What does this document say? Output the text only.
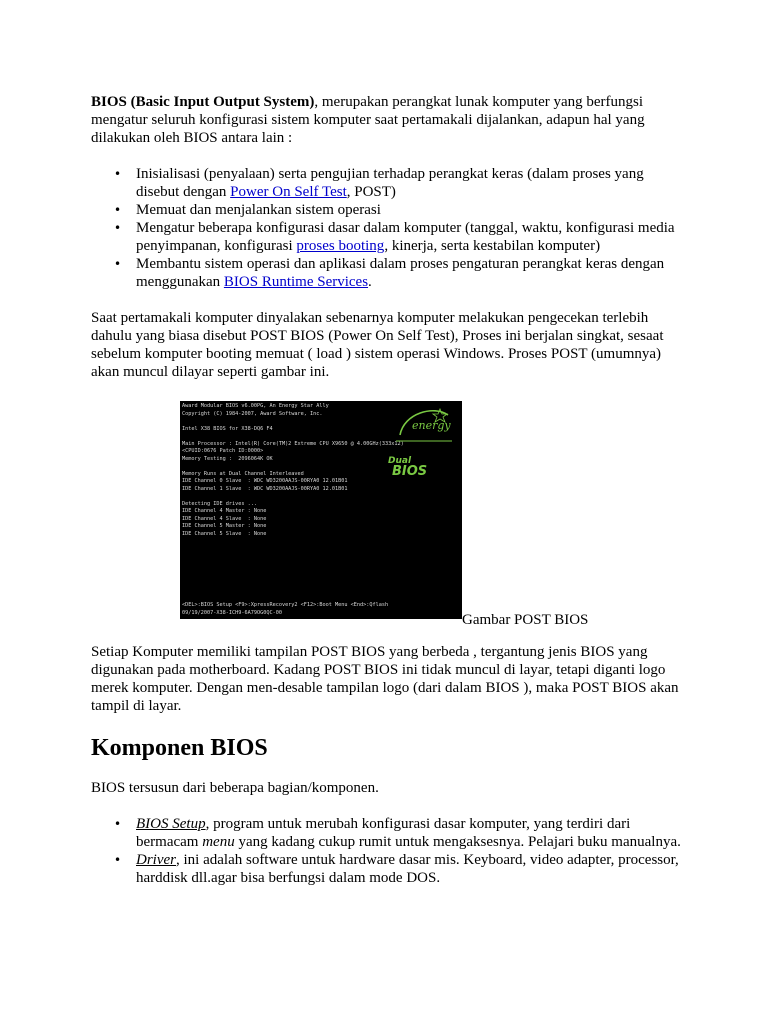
BIOS (Basic Input Output System), merupakan perangkat lunak komputer yang berfungsi mengatur seluruh konfigurasi sistem komputer saat pertamakali dijalankan, adapun hal yang dilakukan oleh BIOS antara lain :

• Inisialisasi (penyalaan) serta pengujian terhadap perangkat keras (dalam proses yang disebut dengan Power On Self Test, POST)
• Memuat dan menjalankan sistem operasi
• Mengatur beberapa konfigurasi dasar dalam komputer (tanggal, waktu, konfigurasi media penyimpanan, konfigurasi proses booting, kinerja, serta kestabilan komputer)
• Membantu sistem operasi dan aplikasi dalam proses pengaturan perangkat keras dengan menggunakan BIOS Runtime Services.

Saat pertamakali komputer dinyalakan sebenarnya komputer melakukan pengecekan terlebih dahulu yang biasa disebut POST BIOS (Power On Self Test), Proses ini berjalan singkat, sesaat sebelum komputer booting memuat ( load ) sistem operasi Windows. Proses POST (umumnya) akan muncul dilayar seperti gambar ini.

Award Modular BIOS v6.00PG, An Energy Star Ally
Copyright (C) 1984-2007, Award Software, Inc.

Intel X38 BIOS for X38-DQ6 F4

Main Processor : Intel(R) Core(TM)2 Extreme CPU X9650 @ 4.00GHz(333x12)
<CPUID:0676 Patch ID:0000>
Memory Testing :  2096064K OK

Memory Runs at Dual Channel Interleaved
IDE Channel 0 Slave  : WDC WD3200AAJS-00RYA0 12.01B01
IDE Channel 1 Slave  : WDC WD3200AAJS-00RYA0 12.01B01

Detecting IDE drives ...
IDE Channel 4 Master : None
IDE Channel 4 Slave  : None
IDE Channel 5 Master : None
IDE Channel 5 Slave  : None
energy
Dual
BIOS
<DEL>:BIOS Setup <F9>:XpressRecovery2 <F12>:Boot Menu <End>:Qflash
09/19/2007-X38-ICH9-6A79OG0QC-00	Gambar POST BIOS

Setiap Komputer memiliki tampilan POST BIOS yang berbeda , tergantung jenis BIOS yang digunakan pada motherboard. Kadang POST BIOS ini tidak muncul di layar, tetapi diganti logo merek komputer. Dengan men-desable tampilan logo (dari dalam BIOS ), maka POST BIOS akan tampil di layar.

Komponen BIOS

BIOS tersusun dari beberapa bagian/komponen.

• BIOS Setup, program untuk merubah konfigurasi dasar komputer, yang terdiri dari bermacam menu yang kadang cukup rumit untuk mengaksesnya. Pelajari buku manualnya.
• Driver, ini adalah software untuk hardware dasar mis. Keyboard, video adapter, processor, harddisk dll.agar bisa berfungsi dalam mode DOS.
